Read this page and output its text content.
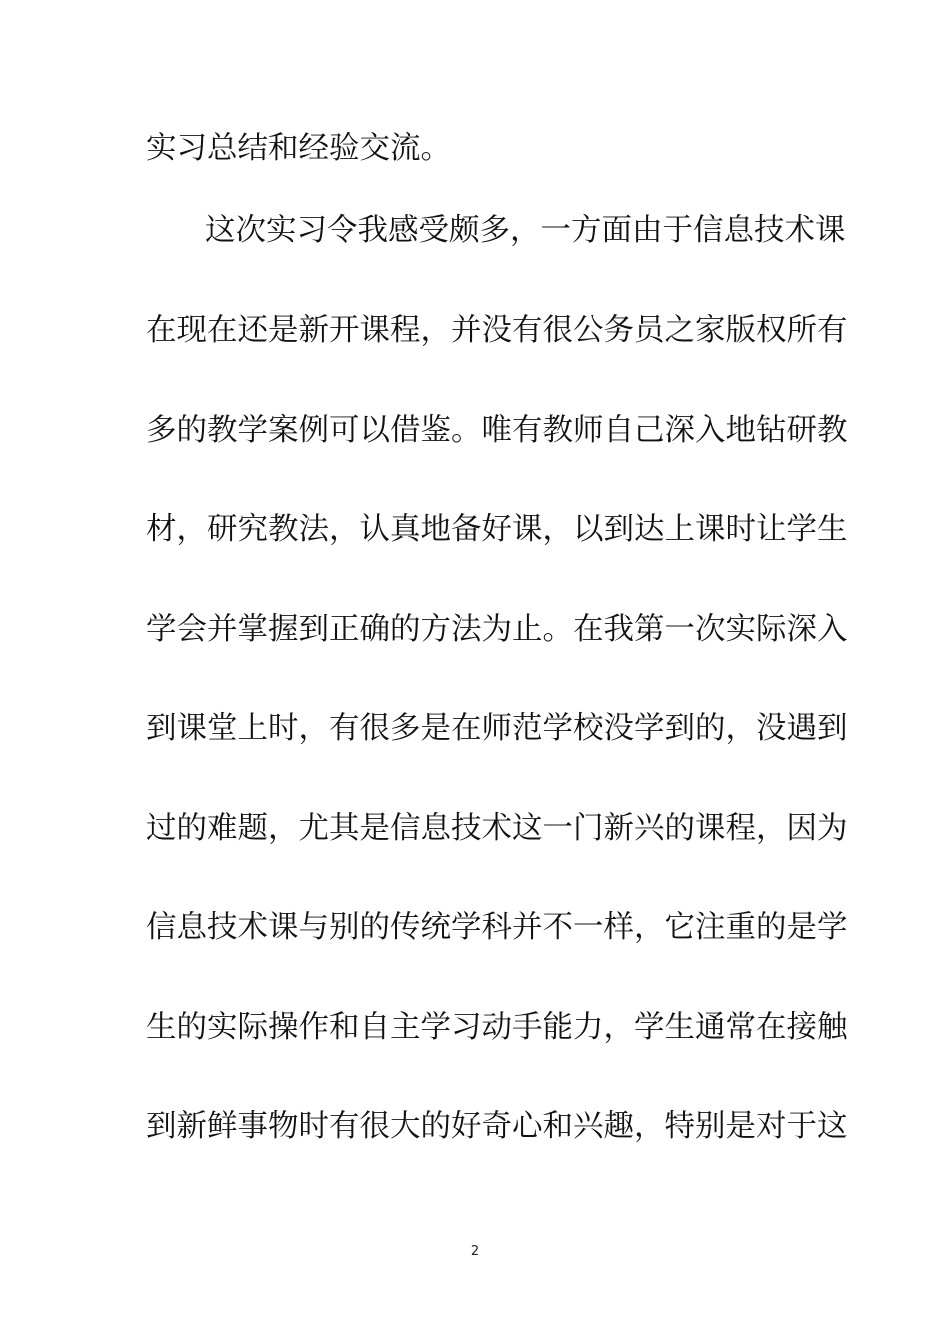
实习总结和经验交流。
这次实习令我感受颇多，一方面由于信息技术课
在现在还是新开课程，并没有很公务员之家版权所有
多的教学案例可以借鉴。唯有教师自己深入地钻研教
材，研究教法，认真地备好课，以到达上课时让学生
学会并掌握到正确的方法为止。在我第一次实际深入
到课堂上时，有很多是在师范学校没学到的，没遇到
过的难题，尤其是信息技术这一门新兴的课程，因为
信息技术课与别的传统学科并不一样，它注重的是学
生的实际操作和自主学习动手能力，学生通常在接触
到新鲜事物时有很大的好奇心和兴趣，特别是对于这
2
